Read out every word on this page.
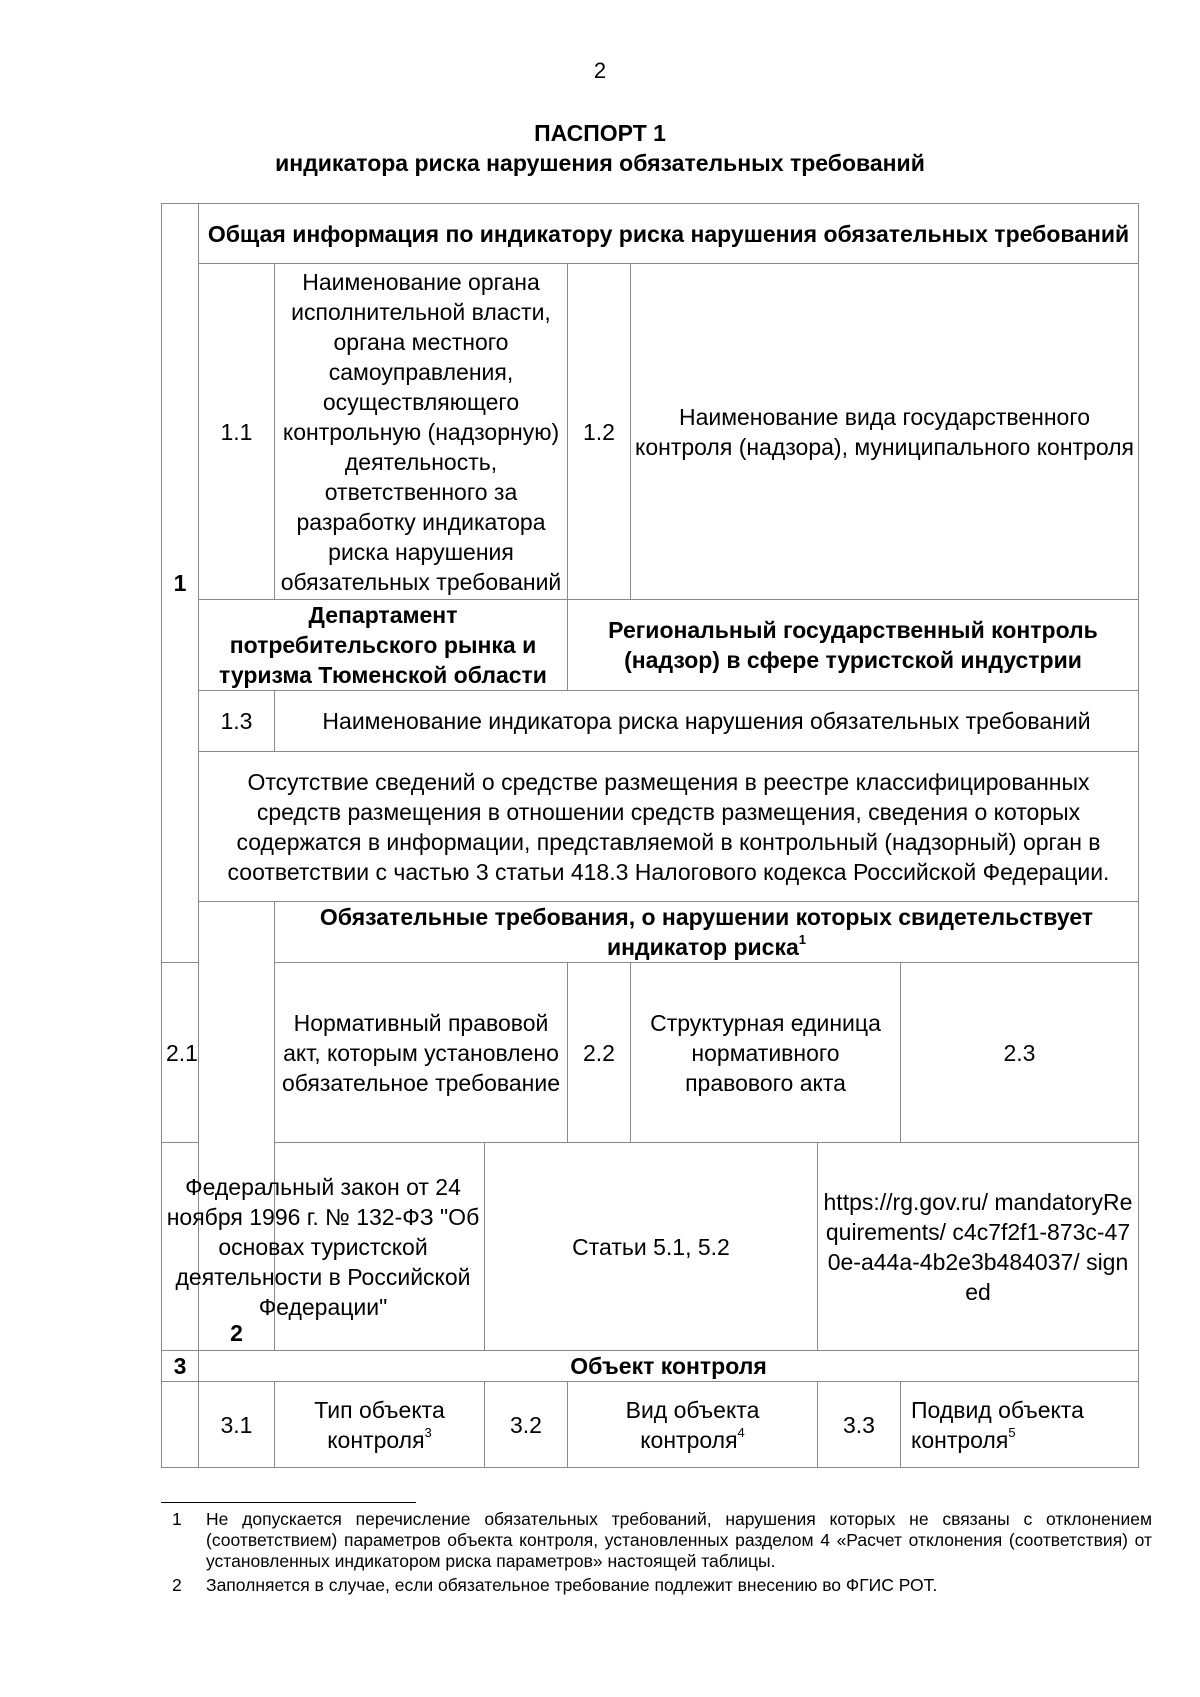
2
ПАСПОРТ 1
индикатора риска нарушения обязательных требований
1	Общая информация по индикатору риска нарушения обязательных требований							
	1.1	Наименование органа исполнительной власти, органа местного самоуправления, осуществляющего контрольную (надзорную) деятельность, ответственного за разработку индикатора риска нарушения обязательных требований		1.2	Наименование вида государственного контроля (надзора), муниципального контроля			
	Департамент потребительского рынка и туризма Тюменской области			Региональный государственный контроль (надзор) в сфере туристской индустрии				
	1.3	Наименование индикатора риска нарушения обязательных требований						
	Отсутствие сведений о средстве размещения в реестре классифицированных средств размещения в отношении средств размещения, сведения о которых содержатся в информации, представляемой в контрольный (надзорный) орган в соответствии с частью 3 статьи 418.3 Налогового кодекса Российской Федерации.							
	2	Обязательные требования, о нарушении которых свидетельствует индикатор риска$^1$
2.1		Нормативный правовой акт, которым установлено обязательное требование		2.2	Структурная единица нормативного правового акта		2.3	
Федеральный закон от 24 ноября 1996 г. № 132-ФЗ "Об основах туристской деятельности в Российской Федерации"			Статьи 5.1, 5.2			https://rg.gov.ru/ mandatoryRequirements/ c4c7f2f1-873c-470e-a44a-4b2e3b484037/ signed		
3	Объект контроля							
	3.1	Тип объекта контроля$^3$	3.2	Вид объекта контроля$^4$		3.3	Подвид объекта контроля$^5$
1	Не допускается перечисление обязательных требований, нарушения которых не связаны с отклонением (соответствием) параметров объекта контроля, установленных разделом 4 «Расчет отклонения (соответствия) от установленных индикатором риска параметров» настоящей таблицы.
2	Заполняется в случае, если обязательное требование подлежит внесению во ФГИС РОТ.
